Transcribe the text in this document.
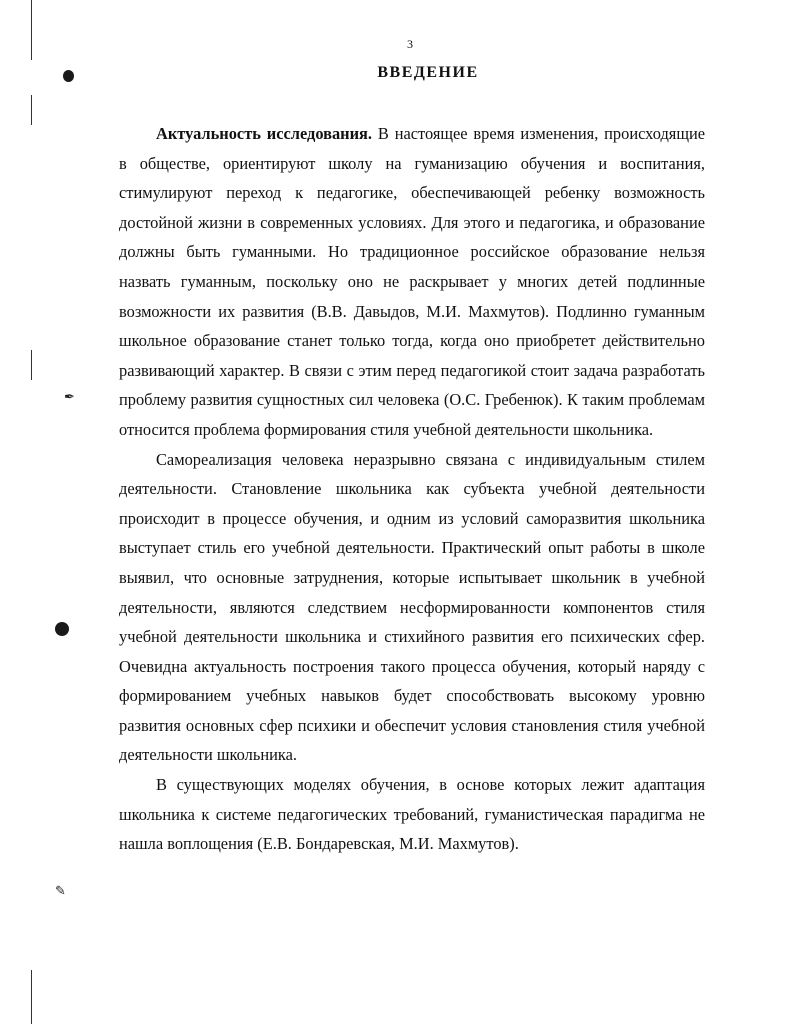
✒
✎
3
ВВЕДЕНИЕ

Актуальность исследования. В настоящее время изменения, происходящие в обществе, ориентируют школу на гуманизацию обучения и воспитания, стимулируют переход к педагогике, обеспечивающей ребенку возможность достойной жизни в современных условиях. Для этого и педагогика, и образование должны быть гуманными. Но традиционное российское образование нельзя назвать гуманным, поскольку оно не раскрывает у многих детей подлинные возможности их развития (В.В. Давыдов, М.И. Махмутов). Подлинно гуманным школьное образование станет только тогда, когда оно приобретет действительно развивающий характер. В связи с этим перед педагогикой стоит задача разработать проблему развития сущностных сил человека (О.С. Гребенюк). К таким проблемам относится проблема формирования стиля учебной деятельности школьника.

Самореализация человека неразрывно связана с индивидуальным стилем деятельности. Становление школьника как субъекта учебной деятельности происходит в процессе обучения, и одним из условий саморазвития школьника выступает стиль его учебной деятельности. Практический опыт работы в школе выявил, что основные затруднения, которые испытывает школьник в учебной деятельности, являются следствием несформированности компонентов стиля учебной деятельности школьника и стихийного развития его психических сфер. Очевидна актуальность построения такого процесса обучения, который наряду с формированием учебных навыков будет способствовать высокому уровню развития основных сфер психики и обеспечит условия становления стиля учебной деятельности школьника.

В существующих моделях обучения, в основе которых лежит адаптация школьника к системе педагогических требований, гуманистическая парадигма не нашла воплощения (Е.В. Бондаревская, М.И. Махмутов).
